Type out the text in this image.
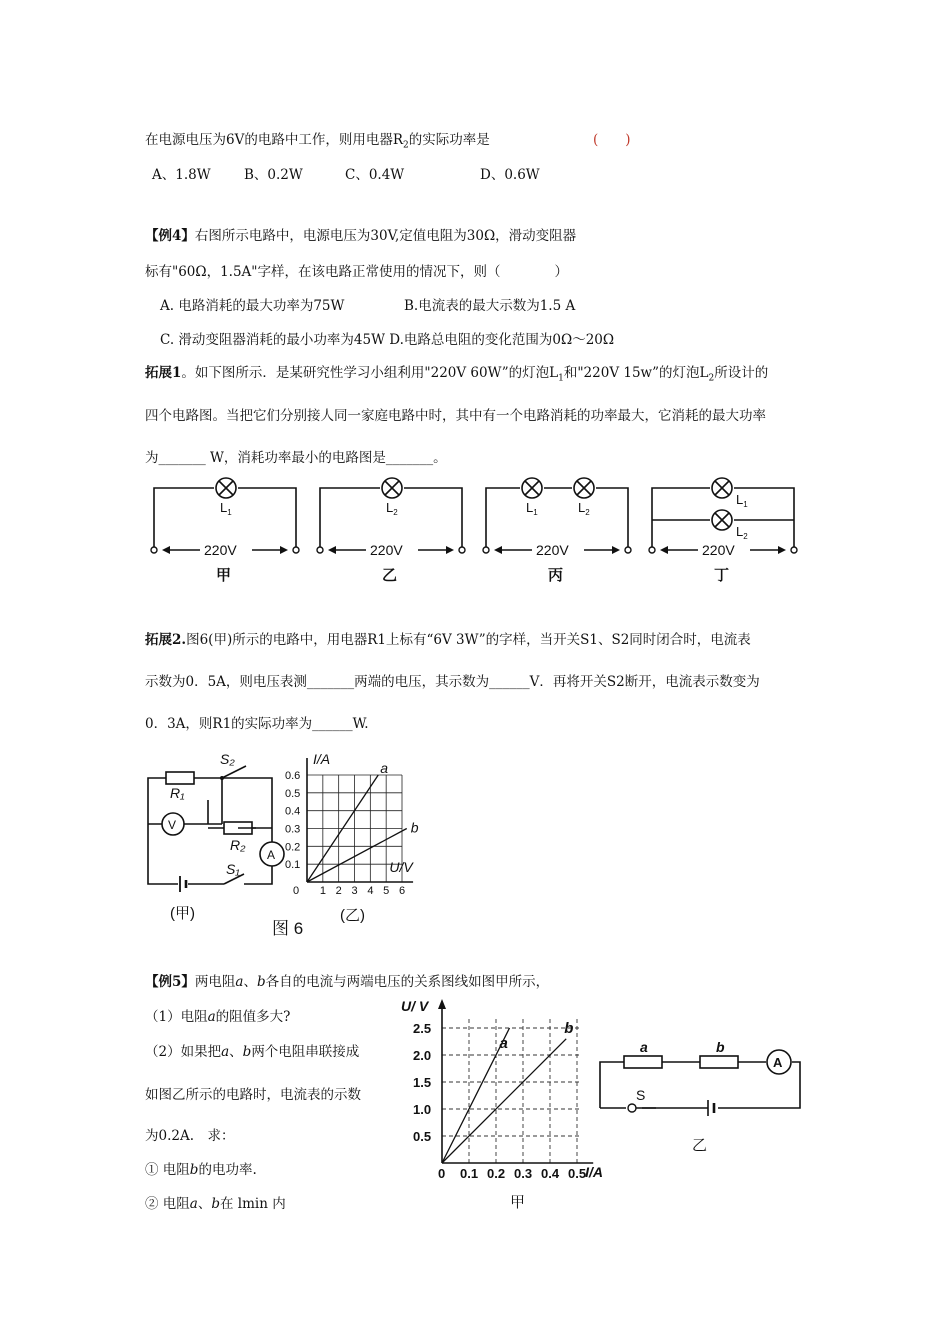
在电源电压为6V的电路中工作，则用电器$R_2$的实际功率是	(　　)
A、1.8W B、0.2W	C、0.4W	D、0.6W
【例4】右图所示电路中，电源电压为30V,定值电阻为30Ω，滑动变阻器
标有"60Ω，1.5A"字样，在该电路正常使用的情况下，则（　　　　）
A. 电路消耗的最大功率为75W	B.电流表的最大示数为1.5 A
C. 滑动变阻器消耗的最小功率为45W D.电路总电阻的变化范围为0Ω～20Ω
拓展1。如下图所示．是某研究性学习小组利用"220V 60W”的灯泡$L_1$和"220V 15w”的灯泡$L_2$所设计的
四个电路图。当把它们分别接人同一家庭电路中时，其中有一个电路消耗的功率最大，它消耗的最大功率
为_______ W，消耗功率最小的电路图是_______。
$L_1$
220V
甲
$L_2$
220V
乙
$L_1$	$L_2$
220V
丙
$L_1$
$L_2$
220V
丁
拓展2.图6(甲)所示的电路中，用电器R1上标有“6V 3W”的字样，当开关S1、S2同时闭合时，电流表
示数为0．5A，则电压表测_______两端的电压，其示数为______V．再将开关S2断开，电流表示数变为
0．3A，则R1的实际功率为______W.
R₁
S₂
V
R₂
A
S₁
(甲)
图 6
I/A
U/V
0 1 2 3 4 5 6
0.1
0.2
0.3
0.4
0.5
0.6	a
b
(乙)
【例5】两电阻a、b各自的电流与两端电压的关系图线如图甲所示，
（1）电阻a的阻值多大?
（2）如果把a、b两个电阻串联接成
如图乙所示的电路时，电流表的示数
为0.2A.　求：
① 电阻b的电功率.
② 电阻a、b在 lmin 内
U/ V
I/A
0 0.1 0.2 0.3 0.4 0.5
0.5
1.0
1.5
2.0
2.5
a
b
甲
a	b
A
S
乙
